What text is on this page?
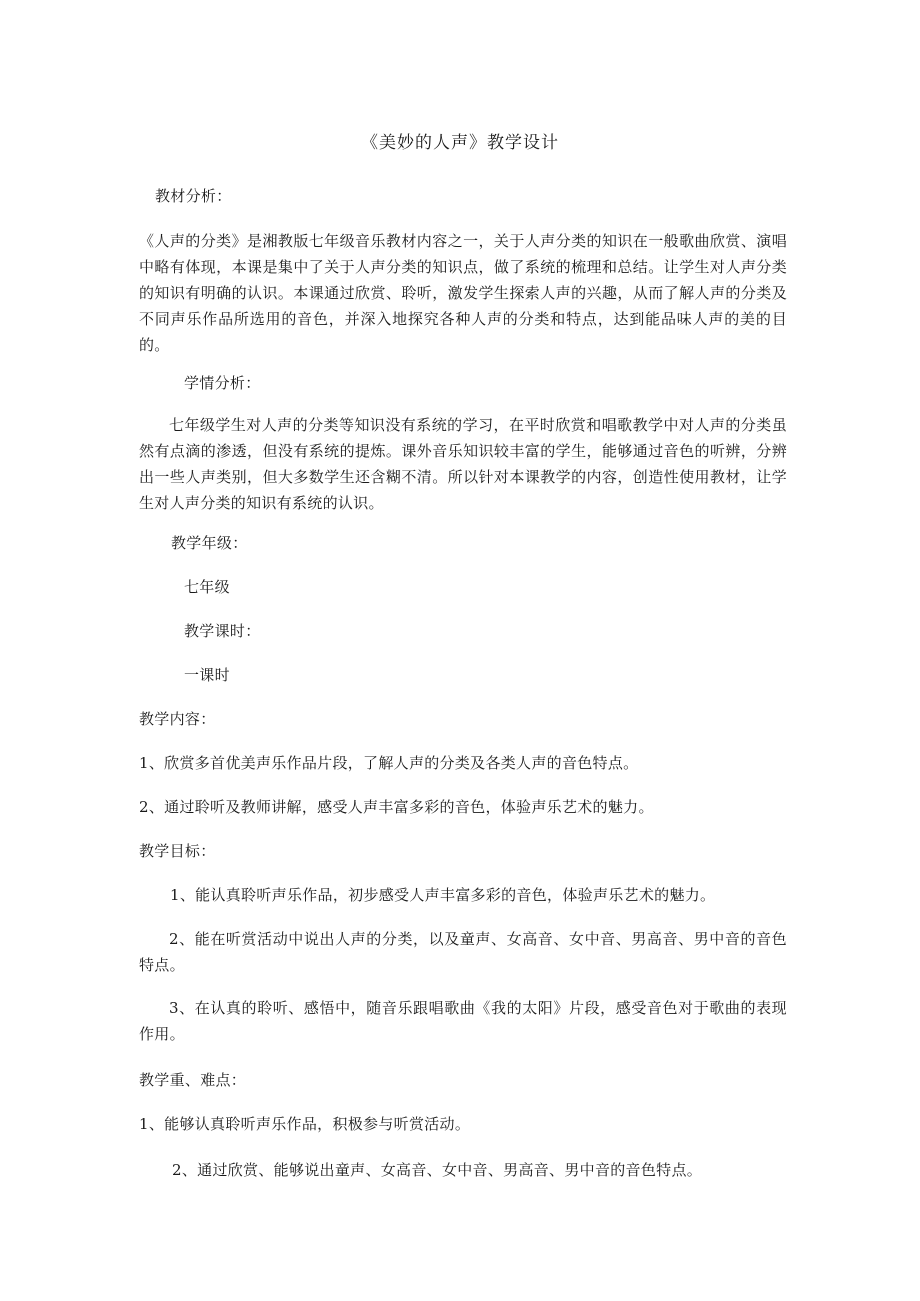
《美妙的人声》教学设计
教材分析：
《人声的分类》是湘教版七年级音乐教材内容之一，关于人声分类的知识在一般歌曲欣赏、演唱中略有体现，本课是集中了关于人声分类的知识点，做了系统的梳理和总结。让学生对人声分类的知识有明确的认识。本课通过欣赏、聆听，激发学生探索人声的兴趣，从而了解人声的分类及不同声乐作品所选用的音色，并深入地探究各种人声的分类和特点，达到能品味人声的美的目的。
学情分析：
七年级学生对人声的分类等知识没有系统的学习，在平时欣赏和唱歌教学中对人声的分类虽然有点滴的渗透，但没有系统的提炼。课外音乐知识较丰富的学生，能够通过音色的听辨，分辨出一些人声类别，但大多数学生还含糊不清。所以针对本课教学的内容，创造性使用教材，让学生对人声分类的知识有系统的认识。
教学年级：
七年级
教学课时：
一课时
教学内容：
1、欣赏多首优美声乐作品片段，了解人声的分类及各类人声的音色特点。
2、通过聆听及教师讲解，感受人声丰富多彩的音色，体验声乐艺术的魅力。
教学目标：
1、能认真聆听声乐作品，初步感受人声丰富多彩的音色，体验声乐艺术的魅力。
2、能在听赏活动中说出人声的分类，以及童声、女高音、女中音、男高音、男中音的音色特点。
3、在认真的聆听、感悟中，随音乐跟唱歌曲《我的太阳》片段，感受音色对于歌曲的表现作用。
教学重、难点：
1、能够认真聆听声乐作品，积极参与听赏活动。
2、通过欣赏、能够说出童声、女高音、女中音、男高音、男中音的音色特点。
